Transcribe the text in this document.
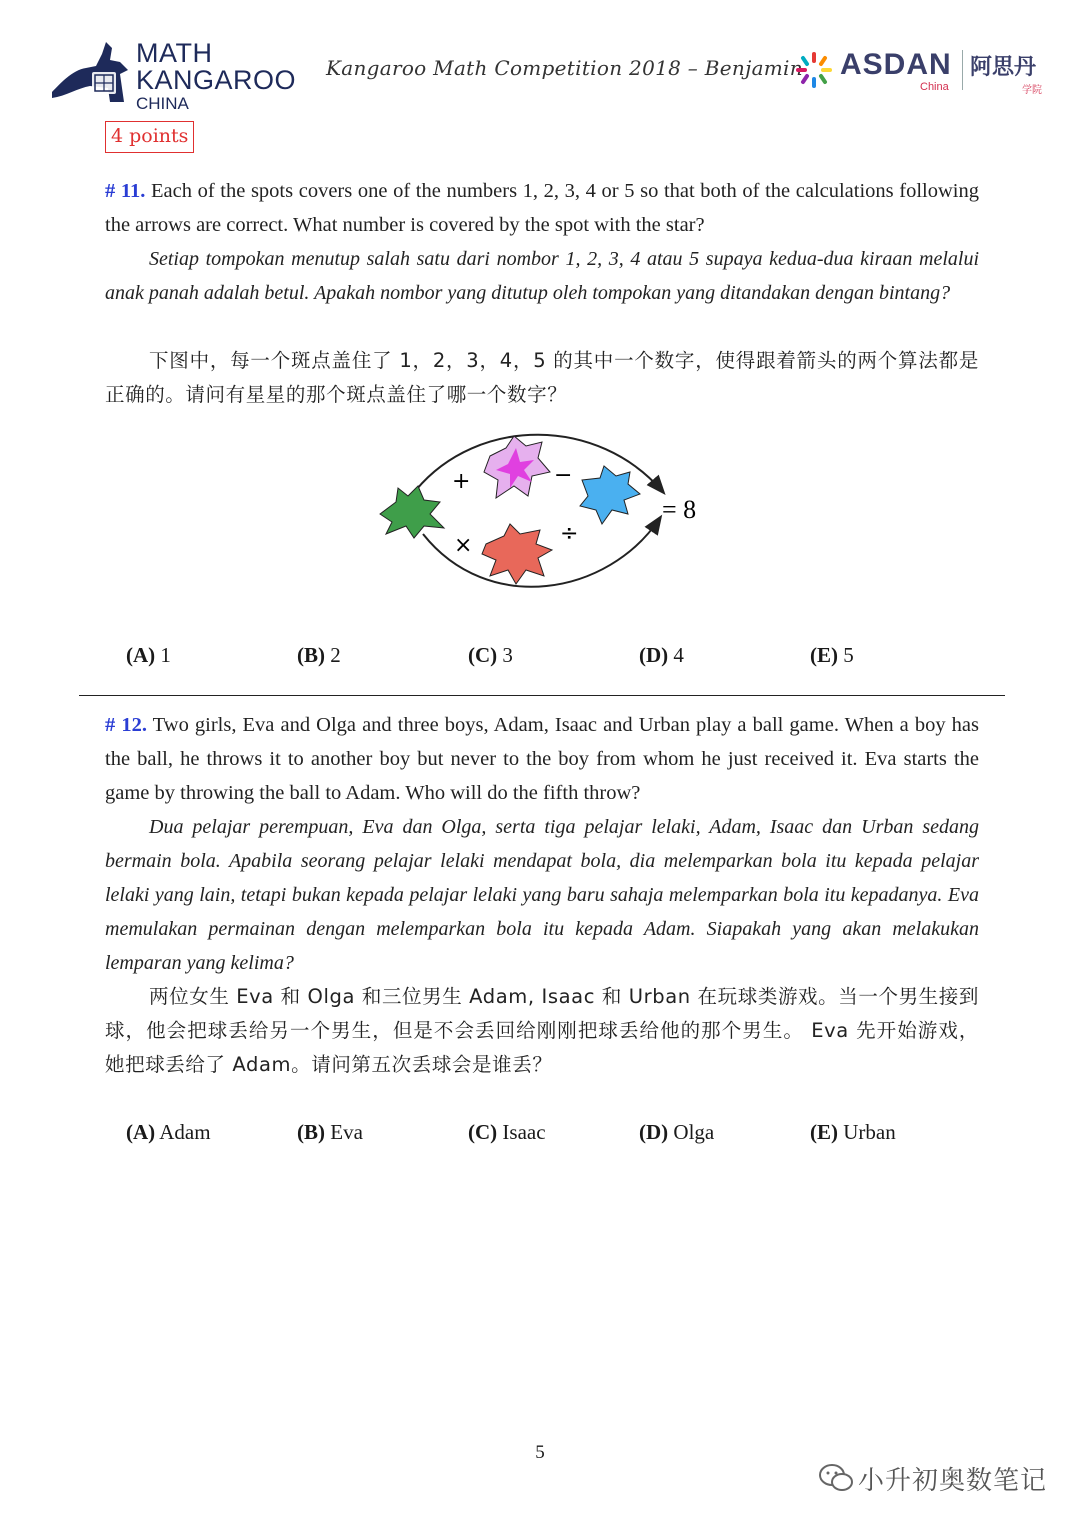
MATH
KANGAROO
CHINA
Kangaroo Math Competition 2018 – Benjamin ASDAN
China
阿思丹
学院
4 points
# 11. Each of the spots covers one of the numbers 1, 2, 3, 4 or 5 so that both of the calculations following the arrows are correct. What number is covered by the spot with the star?
Setiap tompokan menutup salah satu dari nombor 1, 2, 3, 4 atau 5 supaya kedua-dua kiraan melalui anak panah adalah betul. Apakah nombor yang ditutup oleh tompokan yang ditandakan dengan bintang?
下图中，每一个斑点盖住了 1，2，3，4，5 的其中一个数字，使得跟着箭头的两个算法都是正确的。请问有星星的那个斑点盖住了哪一个数字？
+	−
×	÷
= 8
(A) 1	(B) 2	(C) 3	(D) 4	(E) 5
# 12. Two girls, Eva and Olga and three boys, Adam, Isaac and Urban play a ball game. When a boy has the ball, he throws it to another boy but never to the boy from whom he just received it. Eva starts the game by throwing the ball to Adam. Who will do the fifth throw?
Dua pelajar perempuan, Eva dan Olga, serta tiga pelajar lelaki, Adam, Isaac dan Urban sedang bermain bola. Apabila seorang pelajar lelaki mendapat bola, dia melemparkan bola itu kepada pelajar lelaki yang lain, tetapi bukan kepada pelajar lelaki yang baru sahaja melemparkan bola itu kepadanya. Eva memulakan permainan dengan melemparkan bola itu kepada Adam. Siapakah yang akan melakukan lemparan yang kelima?
两位女生 Eva 和 Olga 和三位男生 Adam, Isaac 和 Urban 在玩球类游戏。当一个男生接到球，他会把球丢给另一个男生，但是不会丢回给刚刚把球丢给他的那个男生。 Eva 先开始游戏，她把球丢给了 Adam。请问第五次丢球会是谁丢？
(A) Adam	(B) Eva	(C) Isaac	(D) Olga	(E) Urban
5
小升初奥数笔记
